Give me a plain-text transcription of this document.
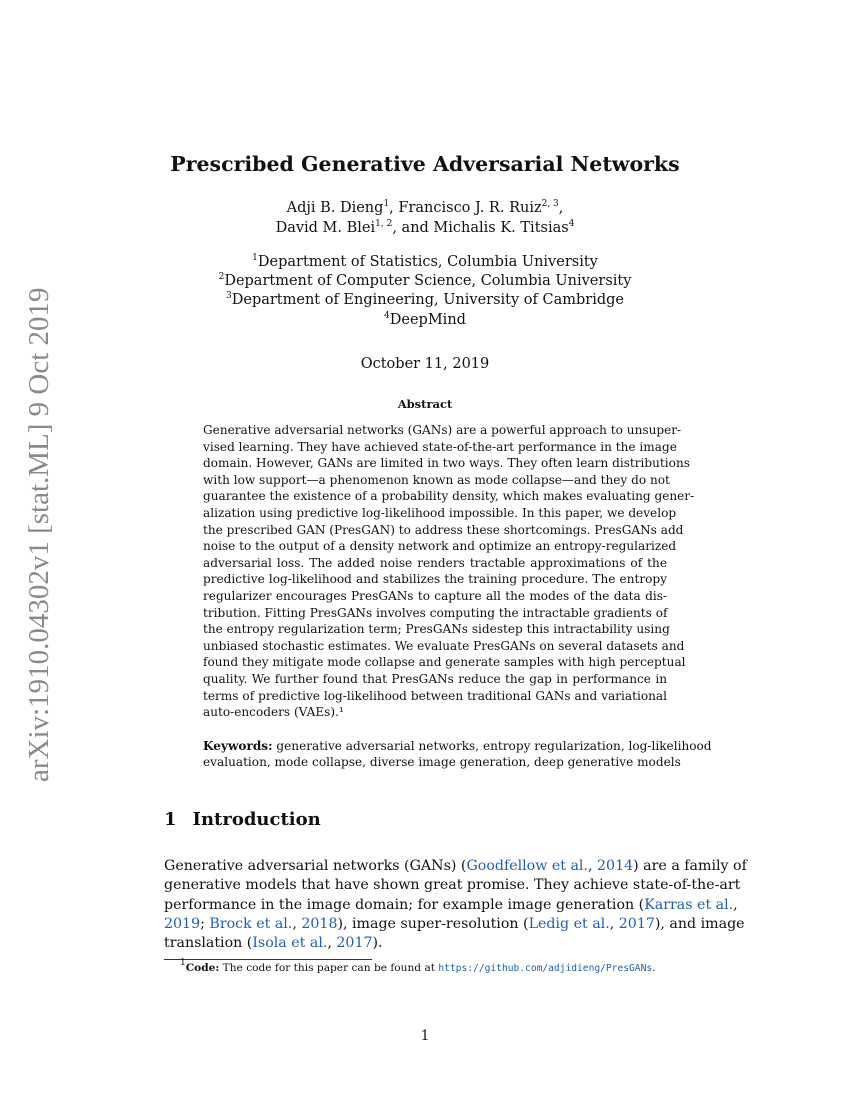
arXiv:1910.04302v1 [stat.ML] 9 Oct 2019
Prescribed Generative Adversarial Networks
Adji B. Dieng$^1$, Francisco J. R. Ruiz$^{2, 3}$,
David M. Blei$^{1, 2}$, and Michalis K. Titsias$^4$
$^1$Department of Statistics, Columbia University
$^2$Department of Computer Science, Columbia University
$^3$Department of Engineering, University of Cambridge
$^4$DeepMind
October 11, 2019
Abstract
Generative adversarial networks (GANs) are a powerful approach to unsuper-
vised learning. They have achieved state-of-the-art performance in the image
domain. However, GANs are limited in two ways. They often learn distributions
with low support—a phenomenon known as mode collapse—and they do not
guarantee the existence of a probability density, which makes evaluating gener-
alization using predictive log-likelihood impossible. In this paper, we develop
the prescribed GAN (PresGAN) to address these shortcomings. PresGANs add
noise to the output of a density network and optimize an entropy-regularized
adversarial loss. The added noise renders tractable approximations of the
predictive log-likelihood and stabilizes the training procedure. The entropy
regularizer encourages PresGANs to capture all the modes of the data dis-
tribution. Fitting PresGANs involves computing the intractable gradients of
the entropy regularization term; PresGANs sidestep this intractability using
unbiased stochastic estimates. We evaluate PresGANs on several datasets and
found they mitigate mode collapse and generate samples with high perceptual
quality. We further found that PresGANs reduce the gap in performance in
terms of predictive log-likelihood between traditional GANs and variational
auto-encoders (VAEs).¹
Keywords: generative adversarial networks, entropy regularization, log-likelihood
evaluation, mode collapse, diverse image generation, deep generative models
1 Introduction
Generative adversarial networks (GANs) (Goodfellow et al., 2014) are a family of
generative models that have shown great promise. They achieve state-of-the-art
performance in the image domain; for example image generation (Karras et al.,
2019; Brock et al., 2018), image super-resolution (Ledig et al., 2017), and image
translation (Isola et al., 2017).
$^1$Code: The code for this paper can be found at https://github.com/adjidieng/PresGANs.
1
